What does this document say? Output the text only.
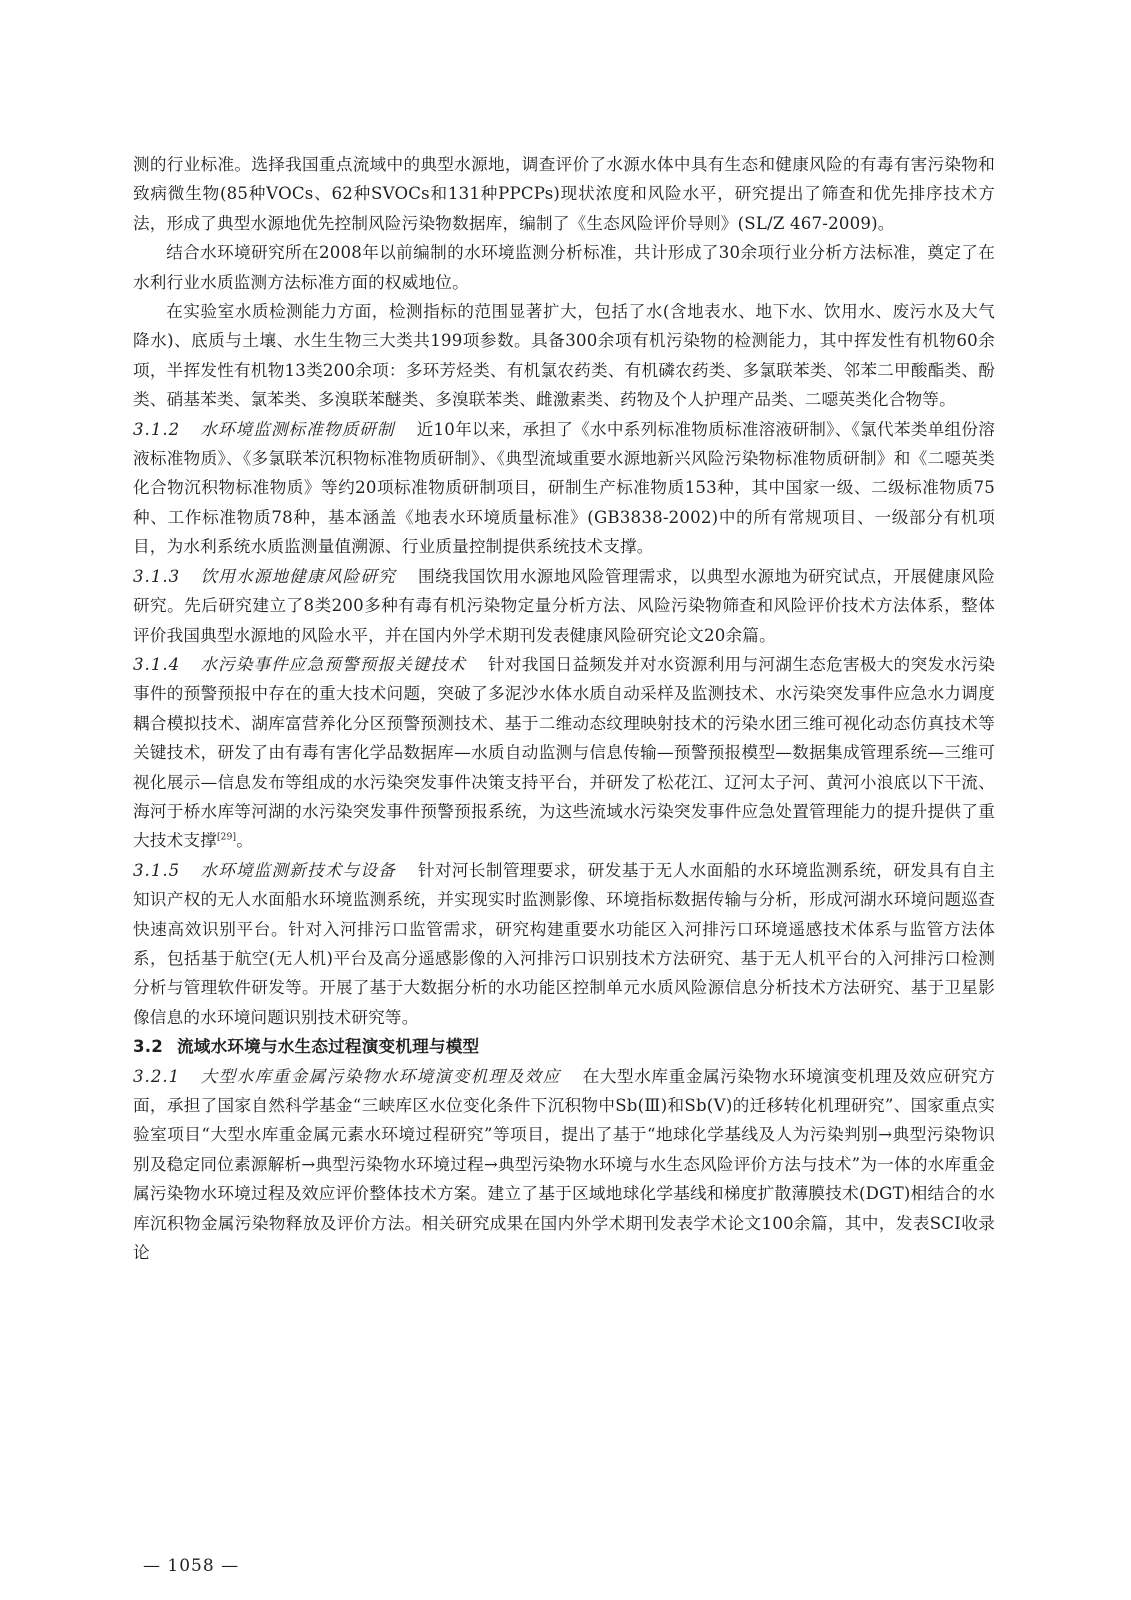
测的行业标准。选择我国重点流域中的典型水源地，调查评价了水源水体中具有生态和健康风险的有毒有害污染物和致病微生物(85种VOCs、62种SVOCs和131种PPCPs)现状浓度和风险水平，研究提出了筛查和优先排序技术方法，形成了典型水源地优先控制风险污染物数据库，编制了《生态风险评价导则》(SL/Z 467-2009)。

结合水环境研究所在2008年以前编制的水环境监测分析标准，共计形成了30余项行业分析方法标准，奠定了在水利行业水质监测方法标准方面的权威地位。

在实验室水质检测能力方面，检测指标的范围显著扩大，包括了水(含地表水、地下水、饮用水、废污水及大气降水)、底质与土壤、水生生物三大类共199项参数。具备300余项有机污染物的检测能力，其中挥发性有机物60余项，半挥发性有机物13类200余项：多环芳烃类、有机氯农药类、有机磷农药类、多氯联苯类、邻苯二甲酸酯类、酚类、硝基苯类、氯苯类、多溴联苯醚类、多溴联苯类、雌激素类、药物及个人护理产品类、二噁英类化合物等。

3.1.2 水环境监测标准物质研制 近10年以来，承担了《水中系列标准物质标准溶液研制》、《氯代苯类单组份溶液标准物质》、《多氯联苯沉积物标准物质研制》、《典型流域重要水源地新兴风险污染物标准物质研制》和《二噁英类化合物沉积物标准物质》等约20项标准物质研制项目，研制生产标准物质153种，其中国家一级、二级标准物质75种、工作标准物质78种，基本涵盖《地表水环境质量标准》(GB3838-2002)中的所有常规项目、一级部分有机项目，为水利系统水质监测量值溯源、行业质量控制提供系统技术支撑。

3.1.3 饮用水源地健康风险研究 围绕我国饮用水源地风险管理需求，以典型水源地为研究试点，开展健康风险研究。先后研究建立了8类200多种有毒有机污染物定量分析方法、风险污染物筛查和风险评价技术方法体系，整体评价我国典型水源地的风险水平，并在国内外学术期刊发表健康风险研究论文20余篇。

3.1.4 水污染事件应急预警预报关键技术 针对我国日益频发并对水资源利用与河湖生态危害极大的突发水污染事件的预警预报中存在的重大技术问题，突破了多泥沙水体水质自动采样及监测技术、水污染突发事件应急水力调度耦合模拟技术、湖库富营养化分区预警预测技术、基于二维动态纹理映射技术的污染水团三维可视化动态仿真技术等关键技术，研发了由有毒有害化学品数据库—水质自动监测与信息传输—预警预报模型—数据集成管理系统—三维可视化展示—信息发布等组成的水污染突发事件决策支持平台，并研发了松花江、辽河太子河、黄河小浪底以下干流、海河于桥水库等河湖的水污染突发事件预警预报系统，为这些流域水污染突发事件应急处置管理能力的提升提供了重大技术支撑[29]。

3.1.5 水环境监测新技术与设备 针对河长制管理要求，研发基于无人水面船的水环境监测系统，研发具有自主知识产权的无人水面船水环境监测系统，并实现实时监测影像、环境指标数据传输与分析，形成河湖水环境问题巡查快速高效识别平台。针对入河排污口监管需求，研究构建重要水功能区入河排污口环境遥感技术体系与监管方法体系，包括基于航空(无人机)平台及高分遥感影像的入河排污口识别技术方法研究、基于无人机平台的入河排污口检测分析与管理软件研发等。开展了基于大数据分析的水功能区控制单元水质风险源信息分析技术方法研究、基于卫星影像信息的水环境问题识别技术研究等。

3.2 流域水环境与水生态过程演变机理与模型

3.2.1 大型水库重金属污染物水环境演变机理及效应 在大型水库重金属污染物水环境演变机理及效应研究方面，承担了国家自然科学基金“三峡库区水位变化条件下沉积物中Sb(Ⅲ)和Sb(Ⅴ)的迁移转化机理研究”、国家重点实验室项目“大型水库重金属元素水环境过程研究”等项目，提出了基于“地球化学基线及人为污染判别→典型污染物识别及稳定同位素源解析→典型污染物水环境过程→典型污染物水环境与水生态风险评价方法与技术”为一体的水库重金属污染物水环境过程及效应评价整体技术方案。建立了基于区域地球化学基线和梯度扩散薄膜技术(DGT)相结合的水库沉积物金属污染物释放及评价方法。相关研究成果在国内外学术期刊发表学术论文100余篇，其中，发表SCI收录论

— 1058 —
